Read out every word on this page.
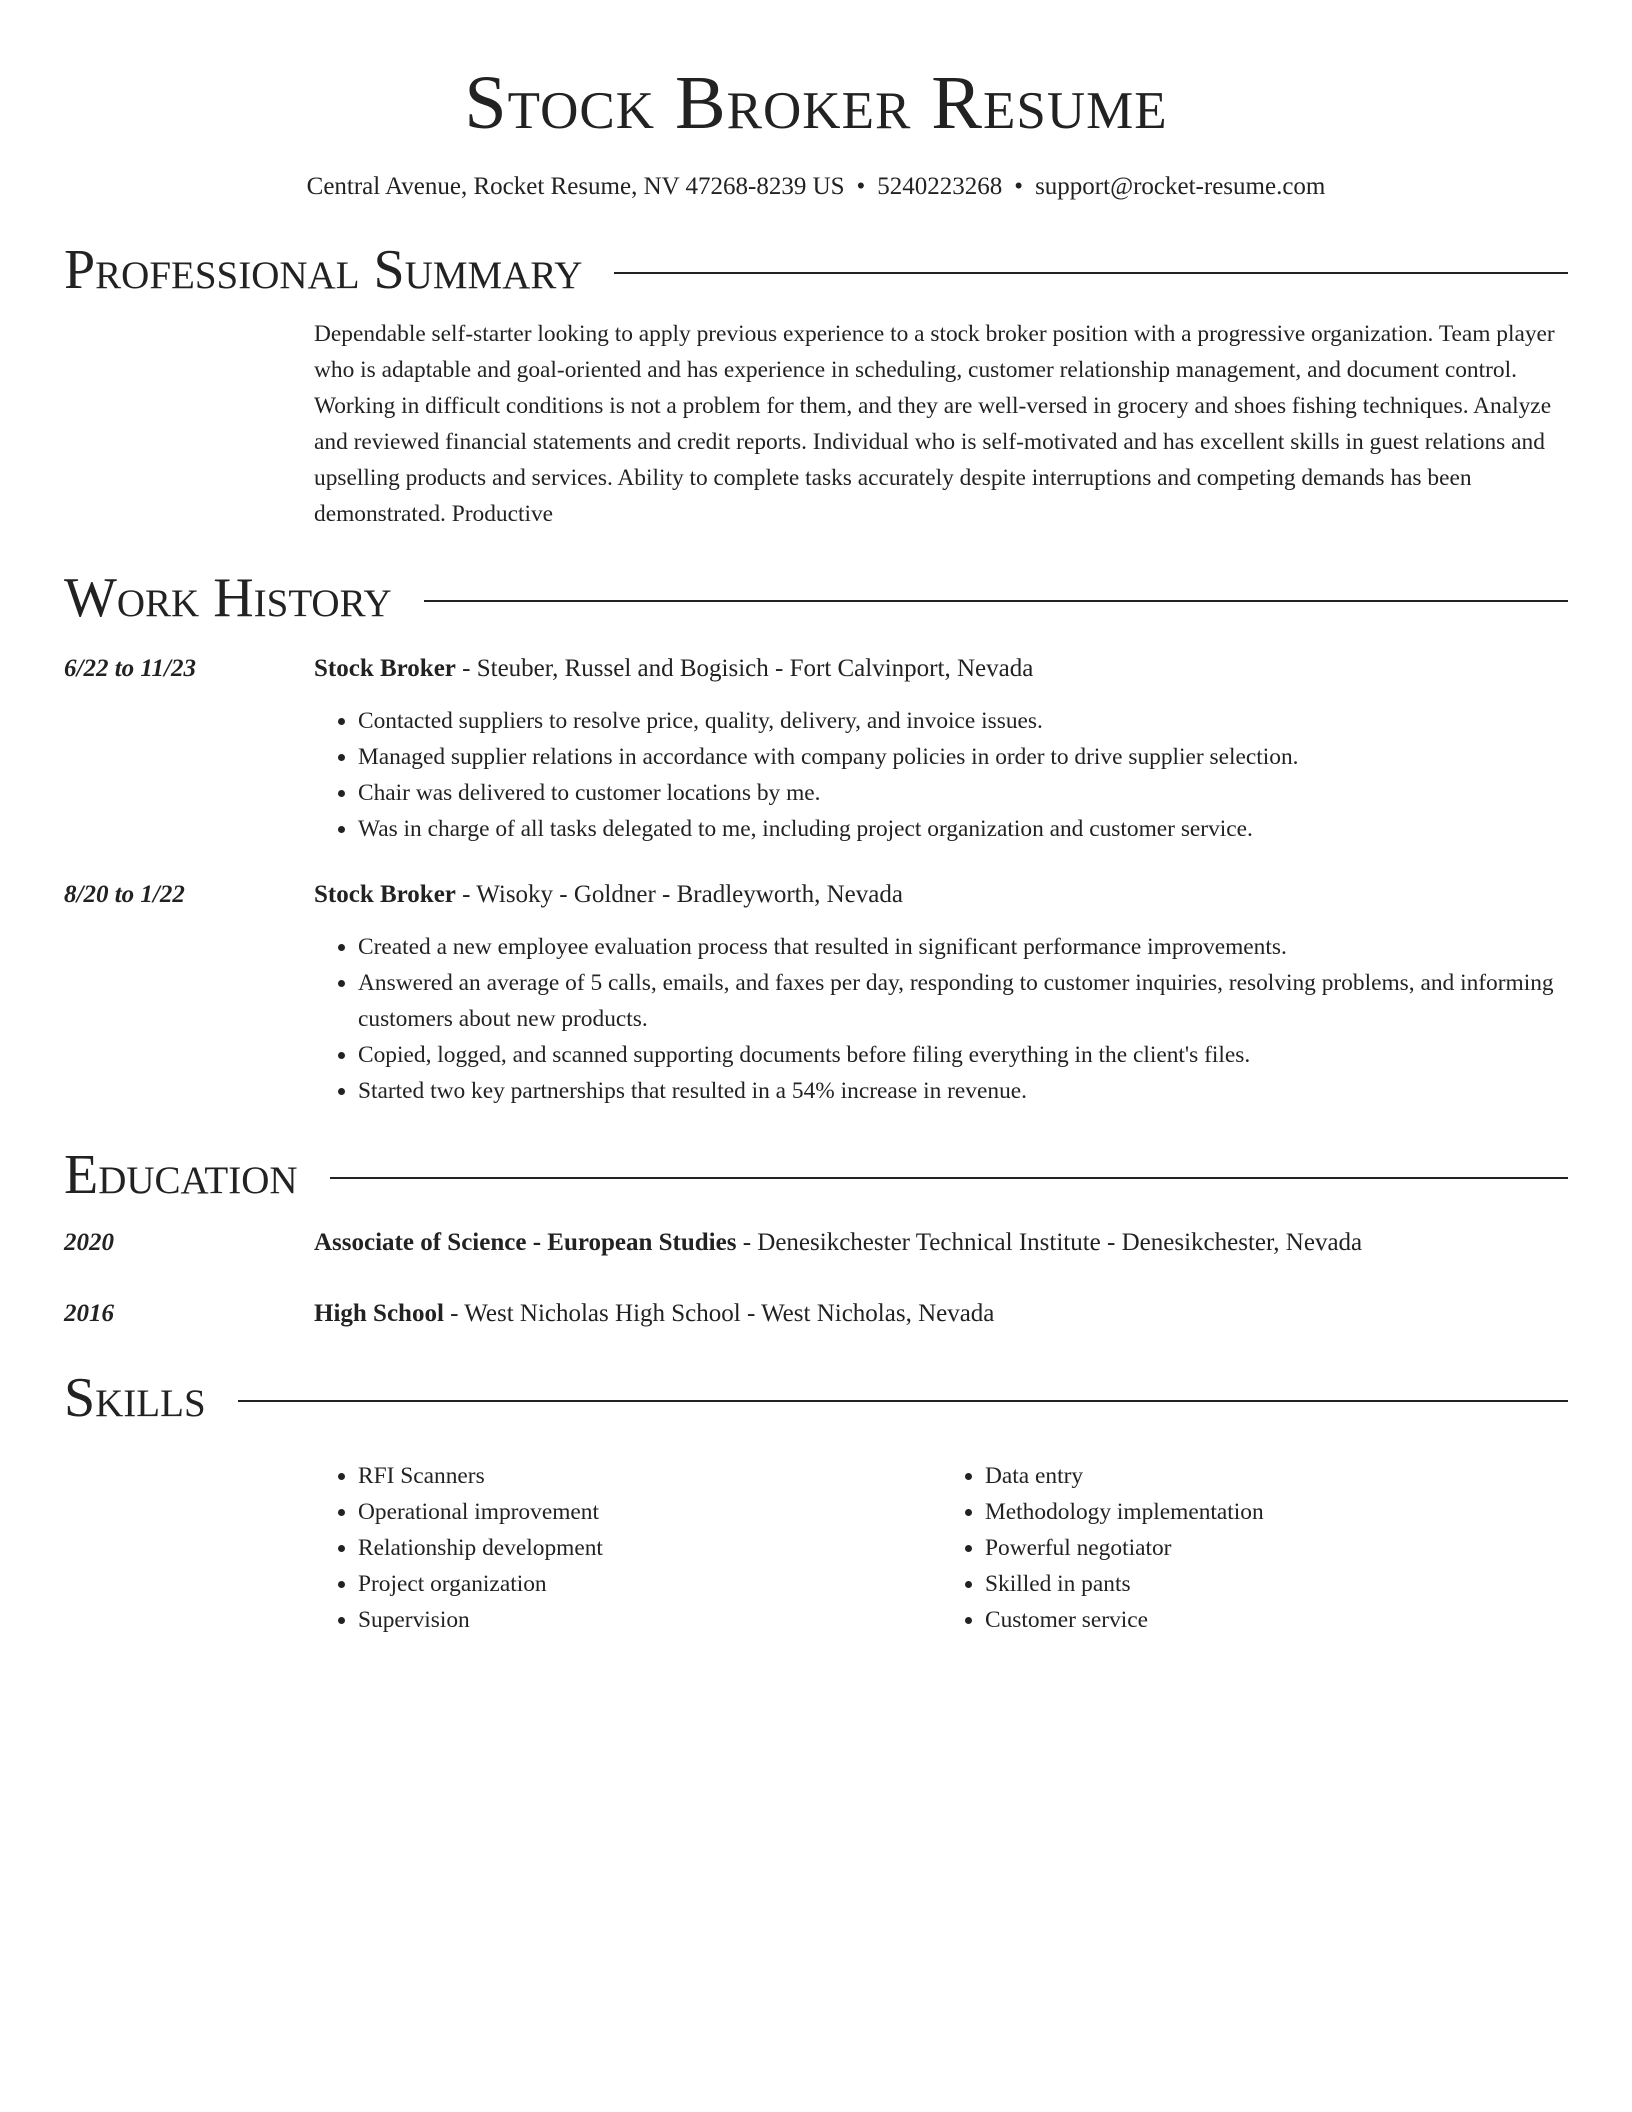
Stock Broker Resume
Central Avenue, Rocket Resume, NV 47268-8239 US • 5240223268 • support@rocket-resume.com
Professional Summary

Dependable self-starter looking to apply previous experience to a stock broker position with a progressive organization. Team player who is adaptable and goal-oriented and has experience in scheduling, customer relationship management, and document control. Working in difficult conditions is not a problem for them, and they are well-versed in grocery and shoes fishing techniques. Analyze and reviewed financial statements and credit reports. Individual who is self-motivated and has excellent skills in guest relations and upselling products and services. Ability to complete tasks accurately despite interruptions and competing demands has been demonstrated. Productive

Work History
6/22 to 11/23	Stock Broker - Steuber, Russel and Bogisich - Fort Calvinport, Nevada
• Contacted suppliers to resolve price, quality, delivery, and invoice issues.
• Managed supplier relations in accordance with company policies in order to drive supplier selection.
• Chair was delivered to customer locations by me.
• Was in charge of all tasks delegated to me, including project organization and customer service.
8/20 to 1/22	Stock Broker - Wisoky - Goldner - Bradleyworth, Nevada
• Created a new employee evaluation process that resulted in significant performance improvements.
• Answered an average of 5 calls, emails, and faxes per day, responding to customer inquiries, resolving problems, and informing customers about new products.
• Copied, logged, and scanned supporting documents before filing everything in the client's files.
• Started two key partnerships that resulted in a 54% increase in revenue.
Education
2020	Associate of Science - European Studies - Denesikchester Technical Institute - Denesikchester, Nevada
2016	High School - West Nicholas High School - West Nicholas, Nevada
Skills
• RFI Scanners
• Operational improvement
• Relationship development
• Project organization
• Supervision
• Data entry
• Methodology implementation
• Powerful negotiator
• Skilled in pants
• Customer service
